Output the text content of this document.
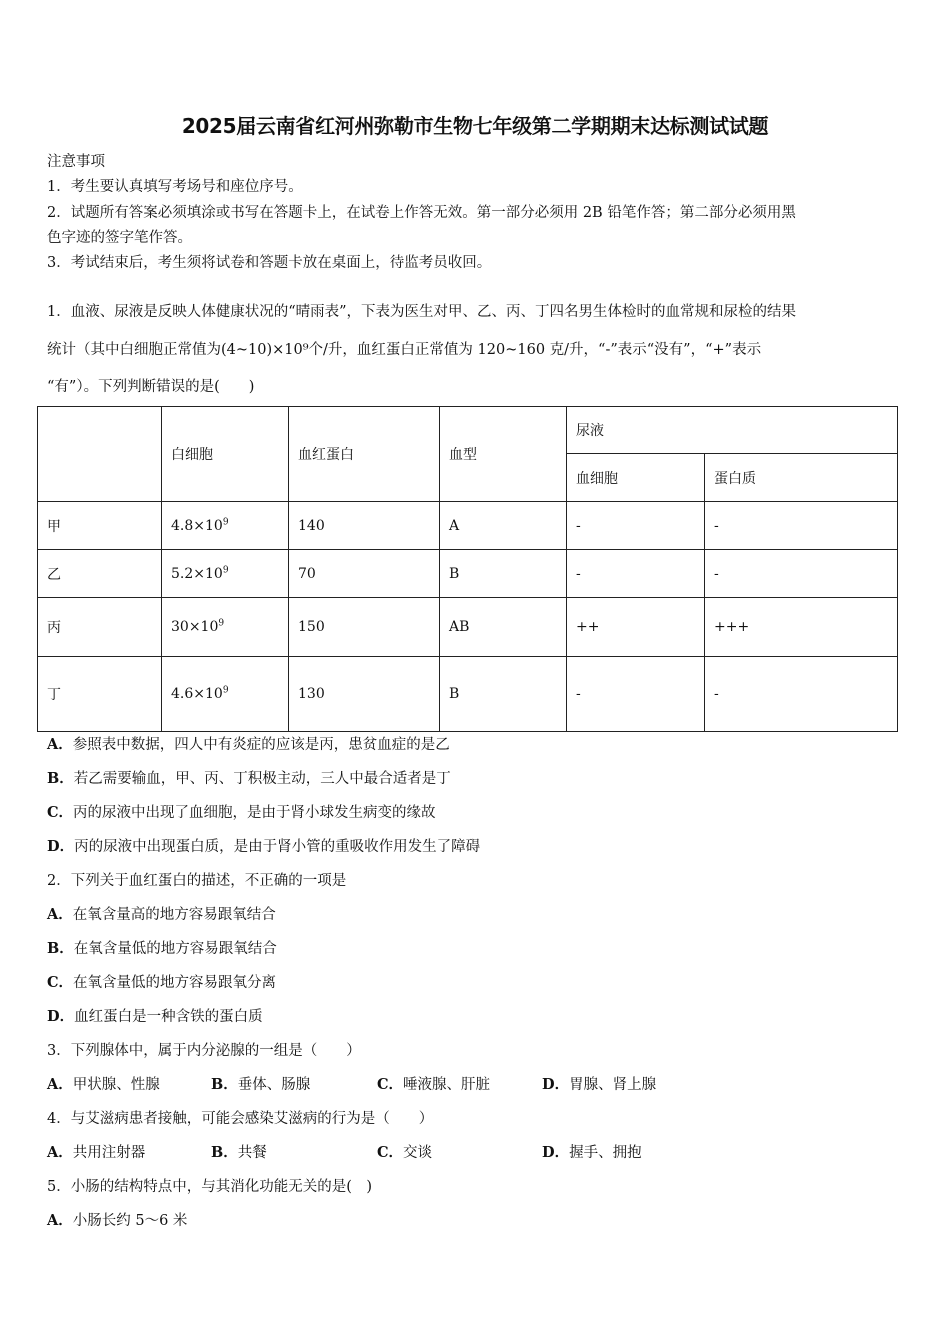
2025届云南省红河州弥勒市生物七年级第二学期期末达标测试试题
注意事项
1．考生要认真填写考场号和座位序号。
2．试题所有答案必须填涂或书写在答题卡上，在试卷上作答无效。第一部分必须用 2B 铅笔作答；第二部分必须用黑
色字迹的签字笔作答。
3．考试结束后，考生须将试卷和答题卡放在桌面上，待监考员收回。
1．血液、尿液是反映人体健康状况的“晴雨表”，下表为医生对甲、乙、丙、丁四名男生体检时的血常规和尿检的结果
统计（其中白细胞正常值为(4~10)×10⁹个/升，血红蛋白正常值为 120~160 克/升，“-”表示“没有”，“+”表示
“有”）。下列判断错误的是(　　)
	白细胞	血红蛋白	血型	尿液	
				血细胞	蛋白质
甲	$4.8\times 10^9$	140	A	-	-
乙	$5.2\times 10^9$	70	B	-	-
丙	$30\times 10^9$	150	AB	++	+++
丁	$4.6\times 10^9$	130	B	-	-
A．参照表中数据，四人中有炎症的应该是丙，患贫血症的是乙
B．若乙需要输血，甲、丙、丁积极主动，三人中最合适者是丁
C．丙的尿液中出现了血细胞，是由于肾小球发生病变的缘故
D．丙的尿液中出现蛋白质，是由于肾小管的重吸收作用发生了障碍
2．下列关于血红蛋白的描述，不正确的一项是
A．在氧含量高的地方容易跟氧结合
B．在氧含量低的地方容易跟氧结合
C．在氧含量低的地方容易跟氧分离
D．血红蛋白是一种含铁的蛋白质
3．下列腺体中，属于内分泌腺的一组是（　　）
A．甲状腺、性腺	B．垂体、肠腺	C．唾液腺、肝脏	D．胃腺、肾上腺
4．与艾滋病患者接触，可能会感染艾滋病的行为是（　　）
A．共用注射器	B．共餐	C．交谈	D．握手、拥抱
5．小肠的结构特点中，与其消化功能无关的是(　)
A．小肠长约 5～6 米
